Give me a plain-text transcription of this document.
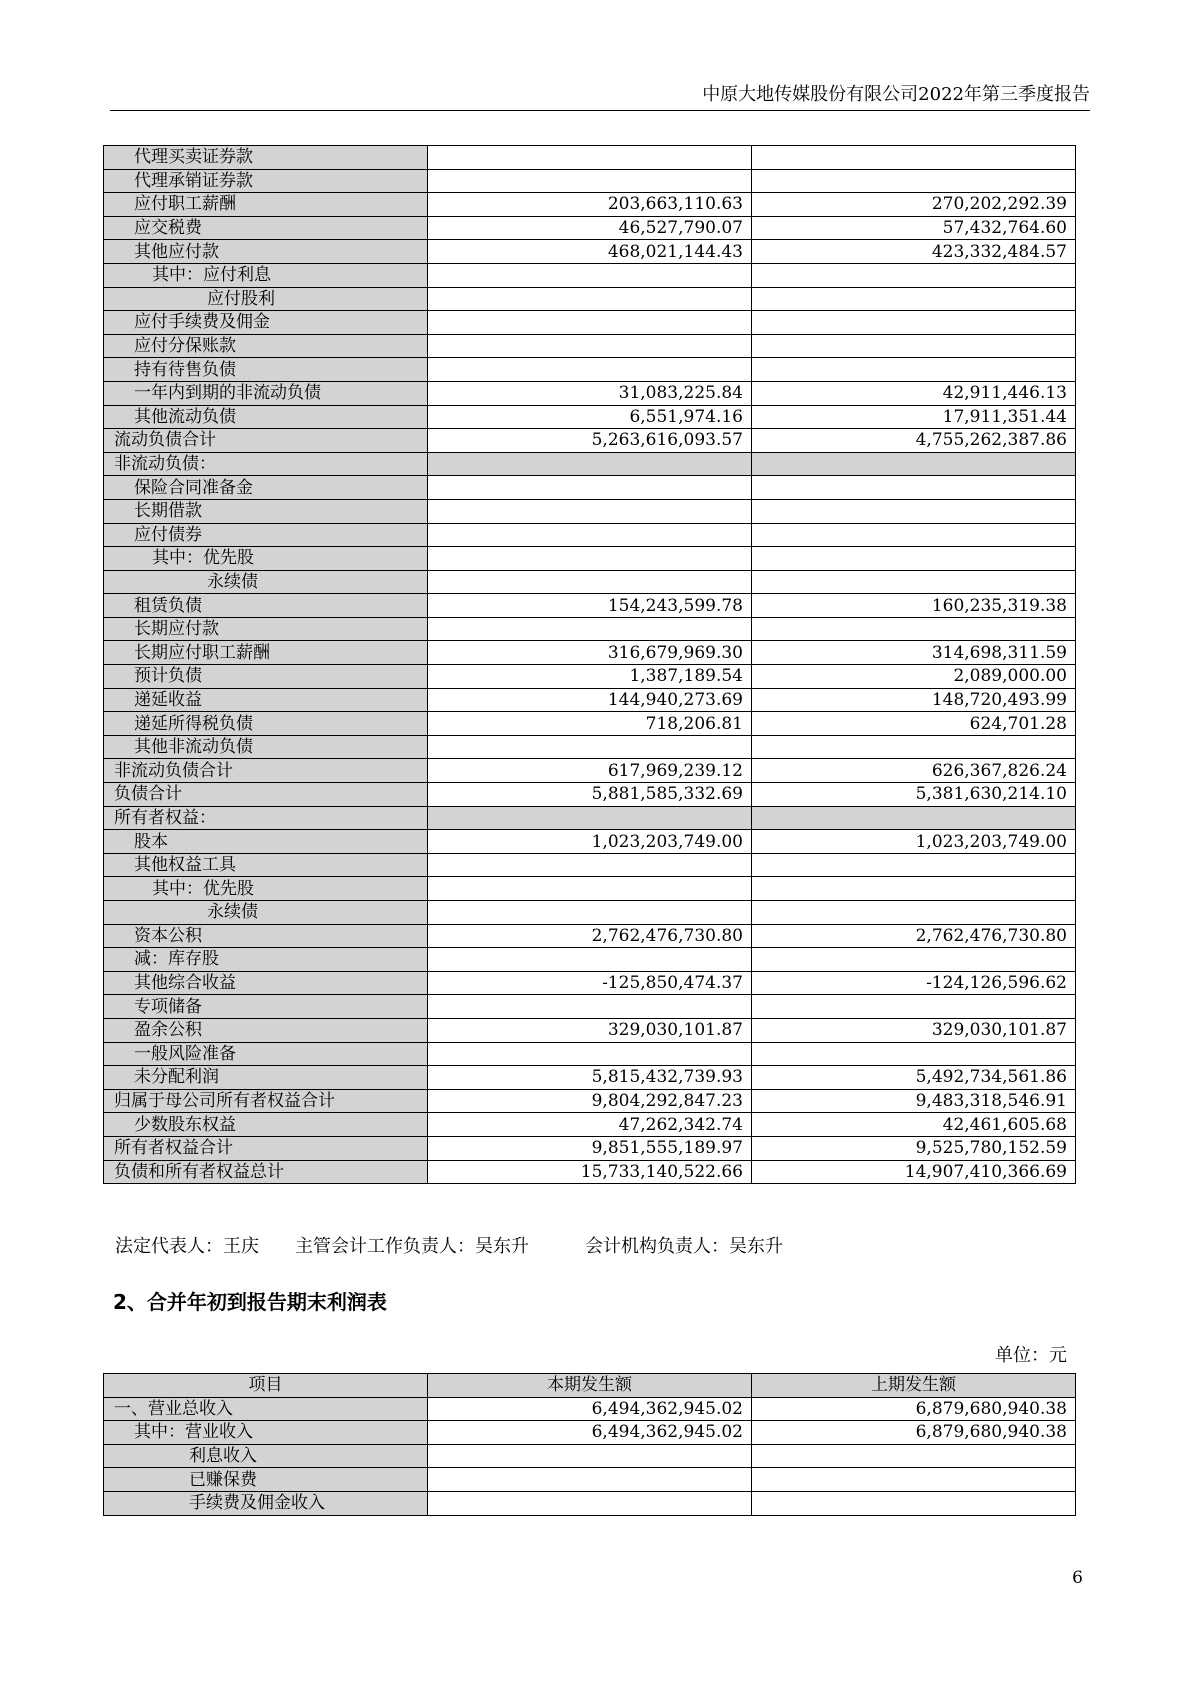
中原大地传媒股份有限公司2022年第三季度报告
代理买卖证券款		
代理承销证券款		
应付职工薪酬	203,663,110.63	270,202,292.39
应交税费	46,527,790.07	57,432,764.60
其他应付款	468,021,144.43	423,332,484.57
其中：应付利息		
应付股利		
应付手续费及佣金		
应付分保账款		
持有待售负债		
一年内到期的非流动负债	31,083,225.84	42,911,446.13
其他流动负债	6,551,974.16	17,911,351.44
流动负债合计	5,263,616,093.57	4,755,262,387.86
非流动负债：		
保险合同准备金		
长期借款		
应付债券		
其中：优先股		
永续债		
租赁负债	154,243,599.78	160,235,319.38
长期应付款		
长期应付职工薪酬	316,679,969.30	314,698,311.59
预计负债	1,387,189.54	2,089,000.00
递延收益	144,940,273.69	148,720,493.99
递延所得税负债	718,206.81	624,701.28
其他非流动负债		
非流动负债合计	617,969,239.12	626,367,826.24
负债合计	5,881,585,332.69	5,381,630,214.10
所有者权益：		
股本	1,023,203,749.00	1,023,203,749.00
其他权益工具		
其中：优先股		
永续债		
资本公积	2,762,476,730.80	2,762,476,730.80
减：库存股		
其他综合收益	-125,850,474.37	-124,126,596.62
专项储备		
盈余公积	329,030,101.87	329,030,101.87
一般风险准备		
未分配利润	5,815,432,739.93	5,492,734,561.86
归属于母公司所有者权益合计	9,804,292,847.23	9,483,318,546.91
少数股东权益	47,262,342.74	42,461,605.68
所有者权益合计	9,851,555,189.97	9,525,780,152.59
负债和所有者权益总计	15,733,140,522.66	14,907,410,366.69
法定代表人：王庆 主管会计工作负责人：吴东升	会计机构负责人：吴东升
2、合并年初到报告期末利润表
单位：元
项目	本期发生额	上期发生额
一、营业总收入	6,494,362,945.02	6,879,680,940.38
其中：营业收入	6,494,362,945.02	6,879,680,940.38
利息收入		
已赚保费		
手续费及佣金收入		
6
